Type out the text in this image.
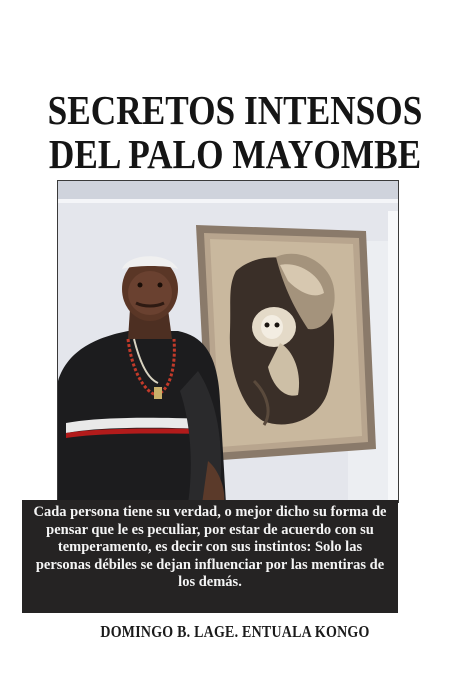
SECRETOS INTENSOS
DEL PALO MAYOMBE
Cada persona tiene su verdad, o mejor dicho su forma de pensar que le es peculiar, por estar de acuerdo con su temperamento, es decir con sus instintos: Solo las personas débiles se dejan influenciar por las mentiras de los demás.
DOMINGO B. LAGE. ENTUALA KONGO
